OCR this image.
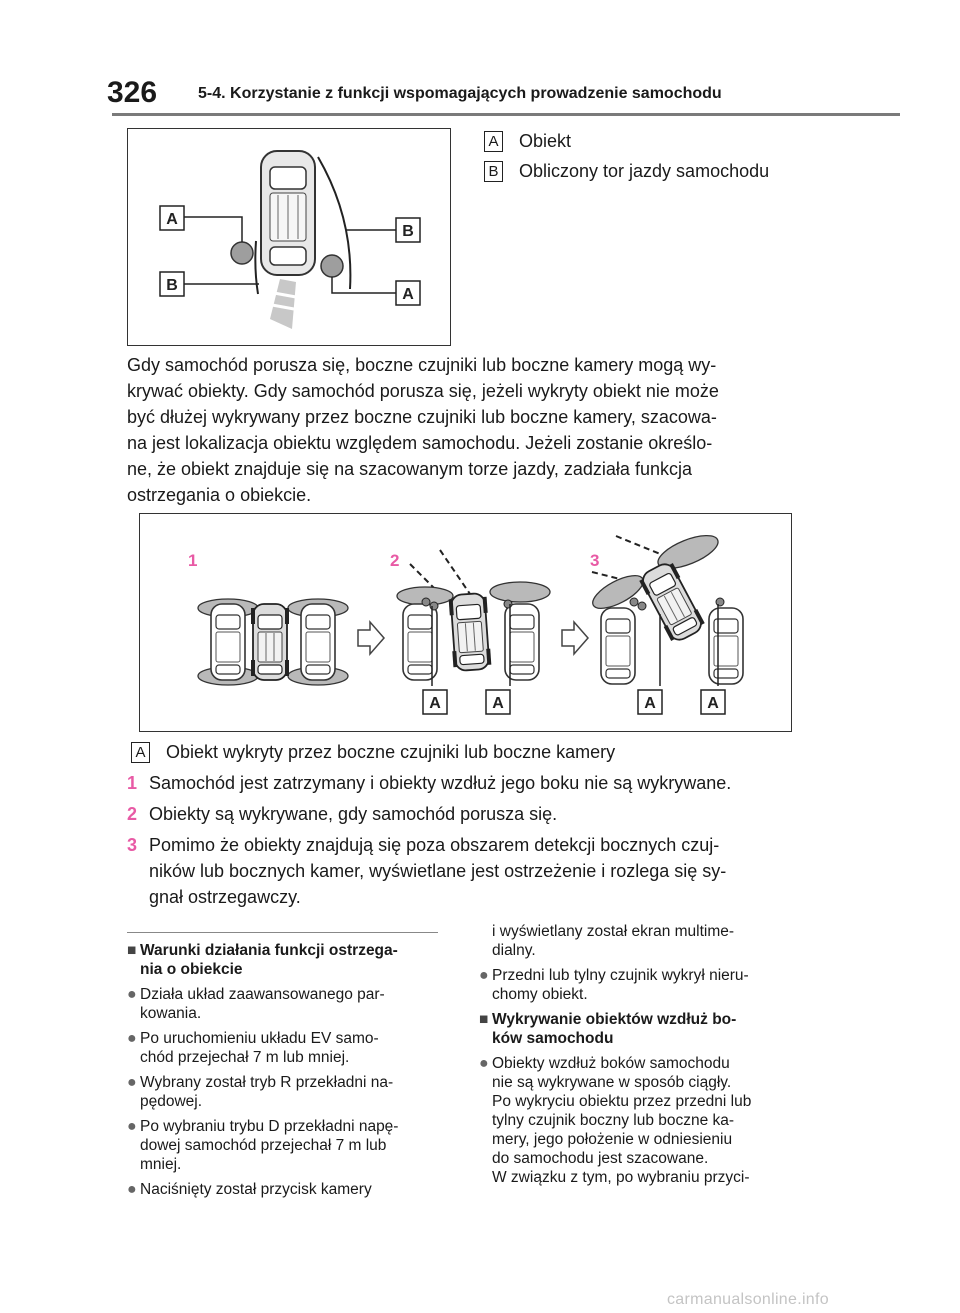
326	5-4. Korzystanie z funkcji wspomagających prowadzenie samochodu
A
B
B
A
A Obiekt
B Obliczony tor jazdy samochodu
Gdy samochód porusza się, boczne czujniki lub boczne kamery mogą wy-
krywać obiekty. Gdy samochód porusza się, jeżeli wykryty obiekt nie może
być dłużej wykrywany przez boczne czujniki lub boczne kamery, szacowa-
na jest lokalizacja obiektu względem samochodu. Jeżeli zostanie określo-
ne, że obiekt znajduje się na szacowanym torze jazdy, zadziała funkcja
ostrzegania o obiekcie.
1	2	3
A	A	A	A
A Obiekt wykryty przez boczne czujniki lub boczne kamery
1 Samochód jest zatrzymany i obiekty wzdłuż jego boku nie są wykrywane.
2 Obiekty są wykrywane, gdy samochód porusza się.
3 Pomimo że obiekty znajdują się poza obszarem detekcji bocznych czuj-
ników lub bocznych kamer, wyświetlane jest ostrzeżenie i rozlega się sy-
gnał ostrzegawczy.
■ Warunki działania funkcji ostrzega-
nia o obiekcie
● Działa układ zaawansowanego par-
kowania.
● Po uruchomieniu układu EV samo-
chód przejechał 7 m lub mniej.
● Wybrany został tryb R przekładni na-
pędowej.
● Po wybraniu trybu D przekładni napę-
dowej samochód przejechał 7 m lub
mniej.
● Naciśnięty został przycisk kamery
i wyświetlany został ekran multime-
dialny.
● Przedni lub tylny czujnik wykrył nieru-
chomy obiekt.
■ Wykrywanie obiektów wzdłuż bo-
ków samochodu
● Obiekty wzdłuż boków samochodu
nie są wykrywane w sposób ciągły.
Po wykryciu obiektu przez przedni lub
tylny czujnik boczny lub boczne ka-
mery, jego położenie w odniesieniu
do samochodu jest szacowane.
W związku z tym, po wybraniu przyci-
carmanualsonline.info
